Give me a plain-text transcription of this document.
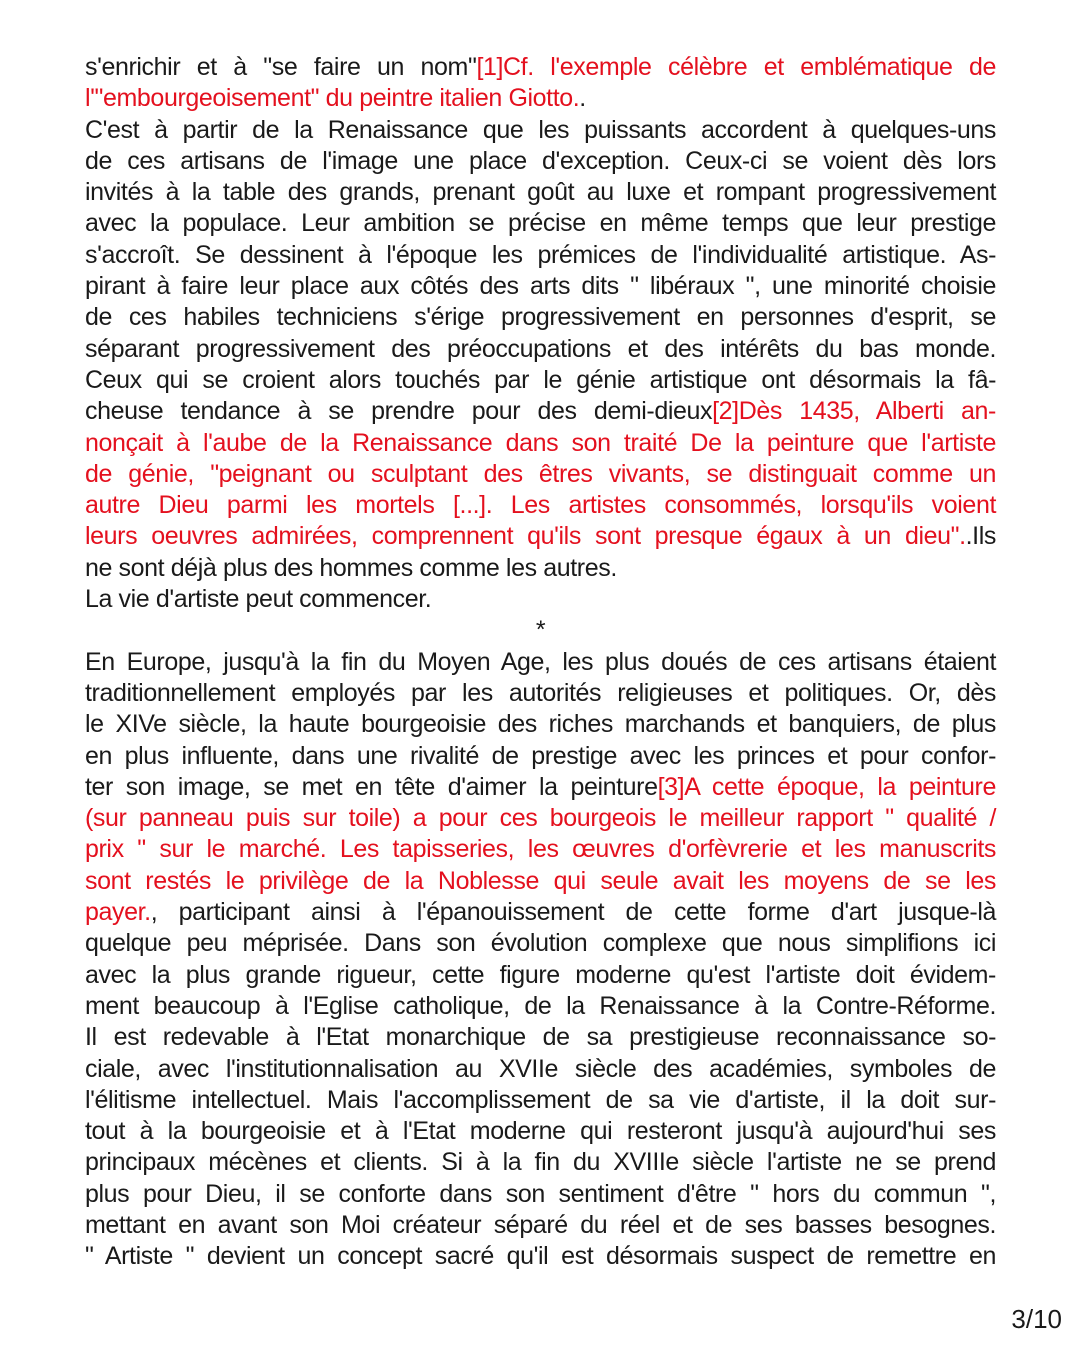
s'enrichir et à "se faire un nom"[1]Cf. l'exemple célèbre et emblématique de
l'"embourgeoisement" du peintre italien Giotto..
C'est à partir de la Renaissance que les puissants accordent à quelques-uns
de ces artisans de l'image une place d'exception. Ceux-ci se voient dès lors
invités à la table des grands, prenant goût au luxe et rompant progressivement
avec la populace. Leur ambition se précise en même temps que leur prestige
s'accroît. Se dessinent à l'époque les prémices de l'individualité artistique. As-
pirant à faire leur place aux côtés des arts dits " libéraux ", une minorité choisie
de ces habiles techniciens s'érige progressivement en personnes d'esprit, se
séparant progressivement des préoccupations et des intérêts du bas monde.
Ceux qui se croient alors touchés par le génie artistique ont désormais la fâ-
cheuse tendance à se prendre pour des demi-dieux[2]Dès 1435, Alberti an-
nonçait à l'aube de la Renaissance dans son traité De la peinture que l'artiste
de génie, "peignant ou sculptant des êtres vivants, se distinguait comme un
autre Dieu parmi les mortels [...]. Les artistes consommés, lorsqu'ils voient
leurs oeuvres admirées, comprennent qu'ils sont presque égaux à un dieu"..Ils
ne sont déjà plus des hommes comme les autres.
La vie d'artiste peut commencer.
*
En Europe, jusqu'à la fin du Moyen Age, les plus doués de ces artisans étaient
traditionnellement employés par les autorités religieuses et politiques. Or, dès
le XIVe siècle, la haute bourgeoisie des riches marchands et banquiers, de plus
en plus influente, dans une rivalité de prestige avec les princes et pour confor-
ter son image, se met en tête d'aimer la peinture[3]A cette époque, la peinture
(sur panneau puis sur toile) a pour ces bourgeois le meilleur rapport " qualité /
prix " sur le marché. Les tapisseries, les œuvres d'orfèvrerie et les manuscrits
sont restés le privilège de la Noblesse qui seule avait les moyens de se les
payer., participant ainsi à l'épanouissement de cette forme d'art jusque-là
quelque peu méprisée. Dans son évolution complexe que nous simplifions ici
avec la plus grande rigueur, cette figure moderne qu'est l'artiste doit évidem-
ment beaucoup à l'Eglise catholique, de la Renaissance à la Contre-Réforme.
Il est redevable à l'Etat monarchique de sa prestigieuse reconnaissance so-
ciale, avec l'institutionnalisation au XVIIe siècle des académies, symboles de
l'élitisme intellectuel. Mais l'accomplissement de sa vie d'artiste, il la doit sur-
tout à la bourgeoisie et à l'Etat moderne qui resteront jusqu'à aujourd'hui ses
principaux mécènes et clients. Si à la fin du XVIIIe siècle l'artiste ne se prend
plus pour Dieu, il se conforte dans son sentiment d'être " hors du commun ",
mettant en avant son Moi créateur séparé du réel et de ses basses besognes.
" Artiste " devient un concept sacré qu'il est désormais suspect de remettre en
3/10
